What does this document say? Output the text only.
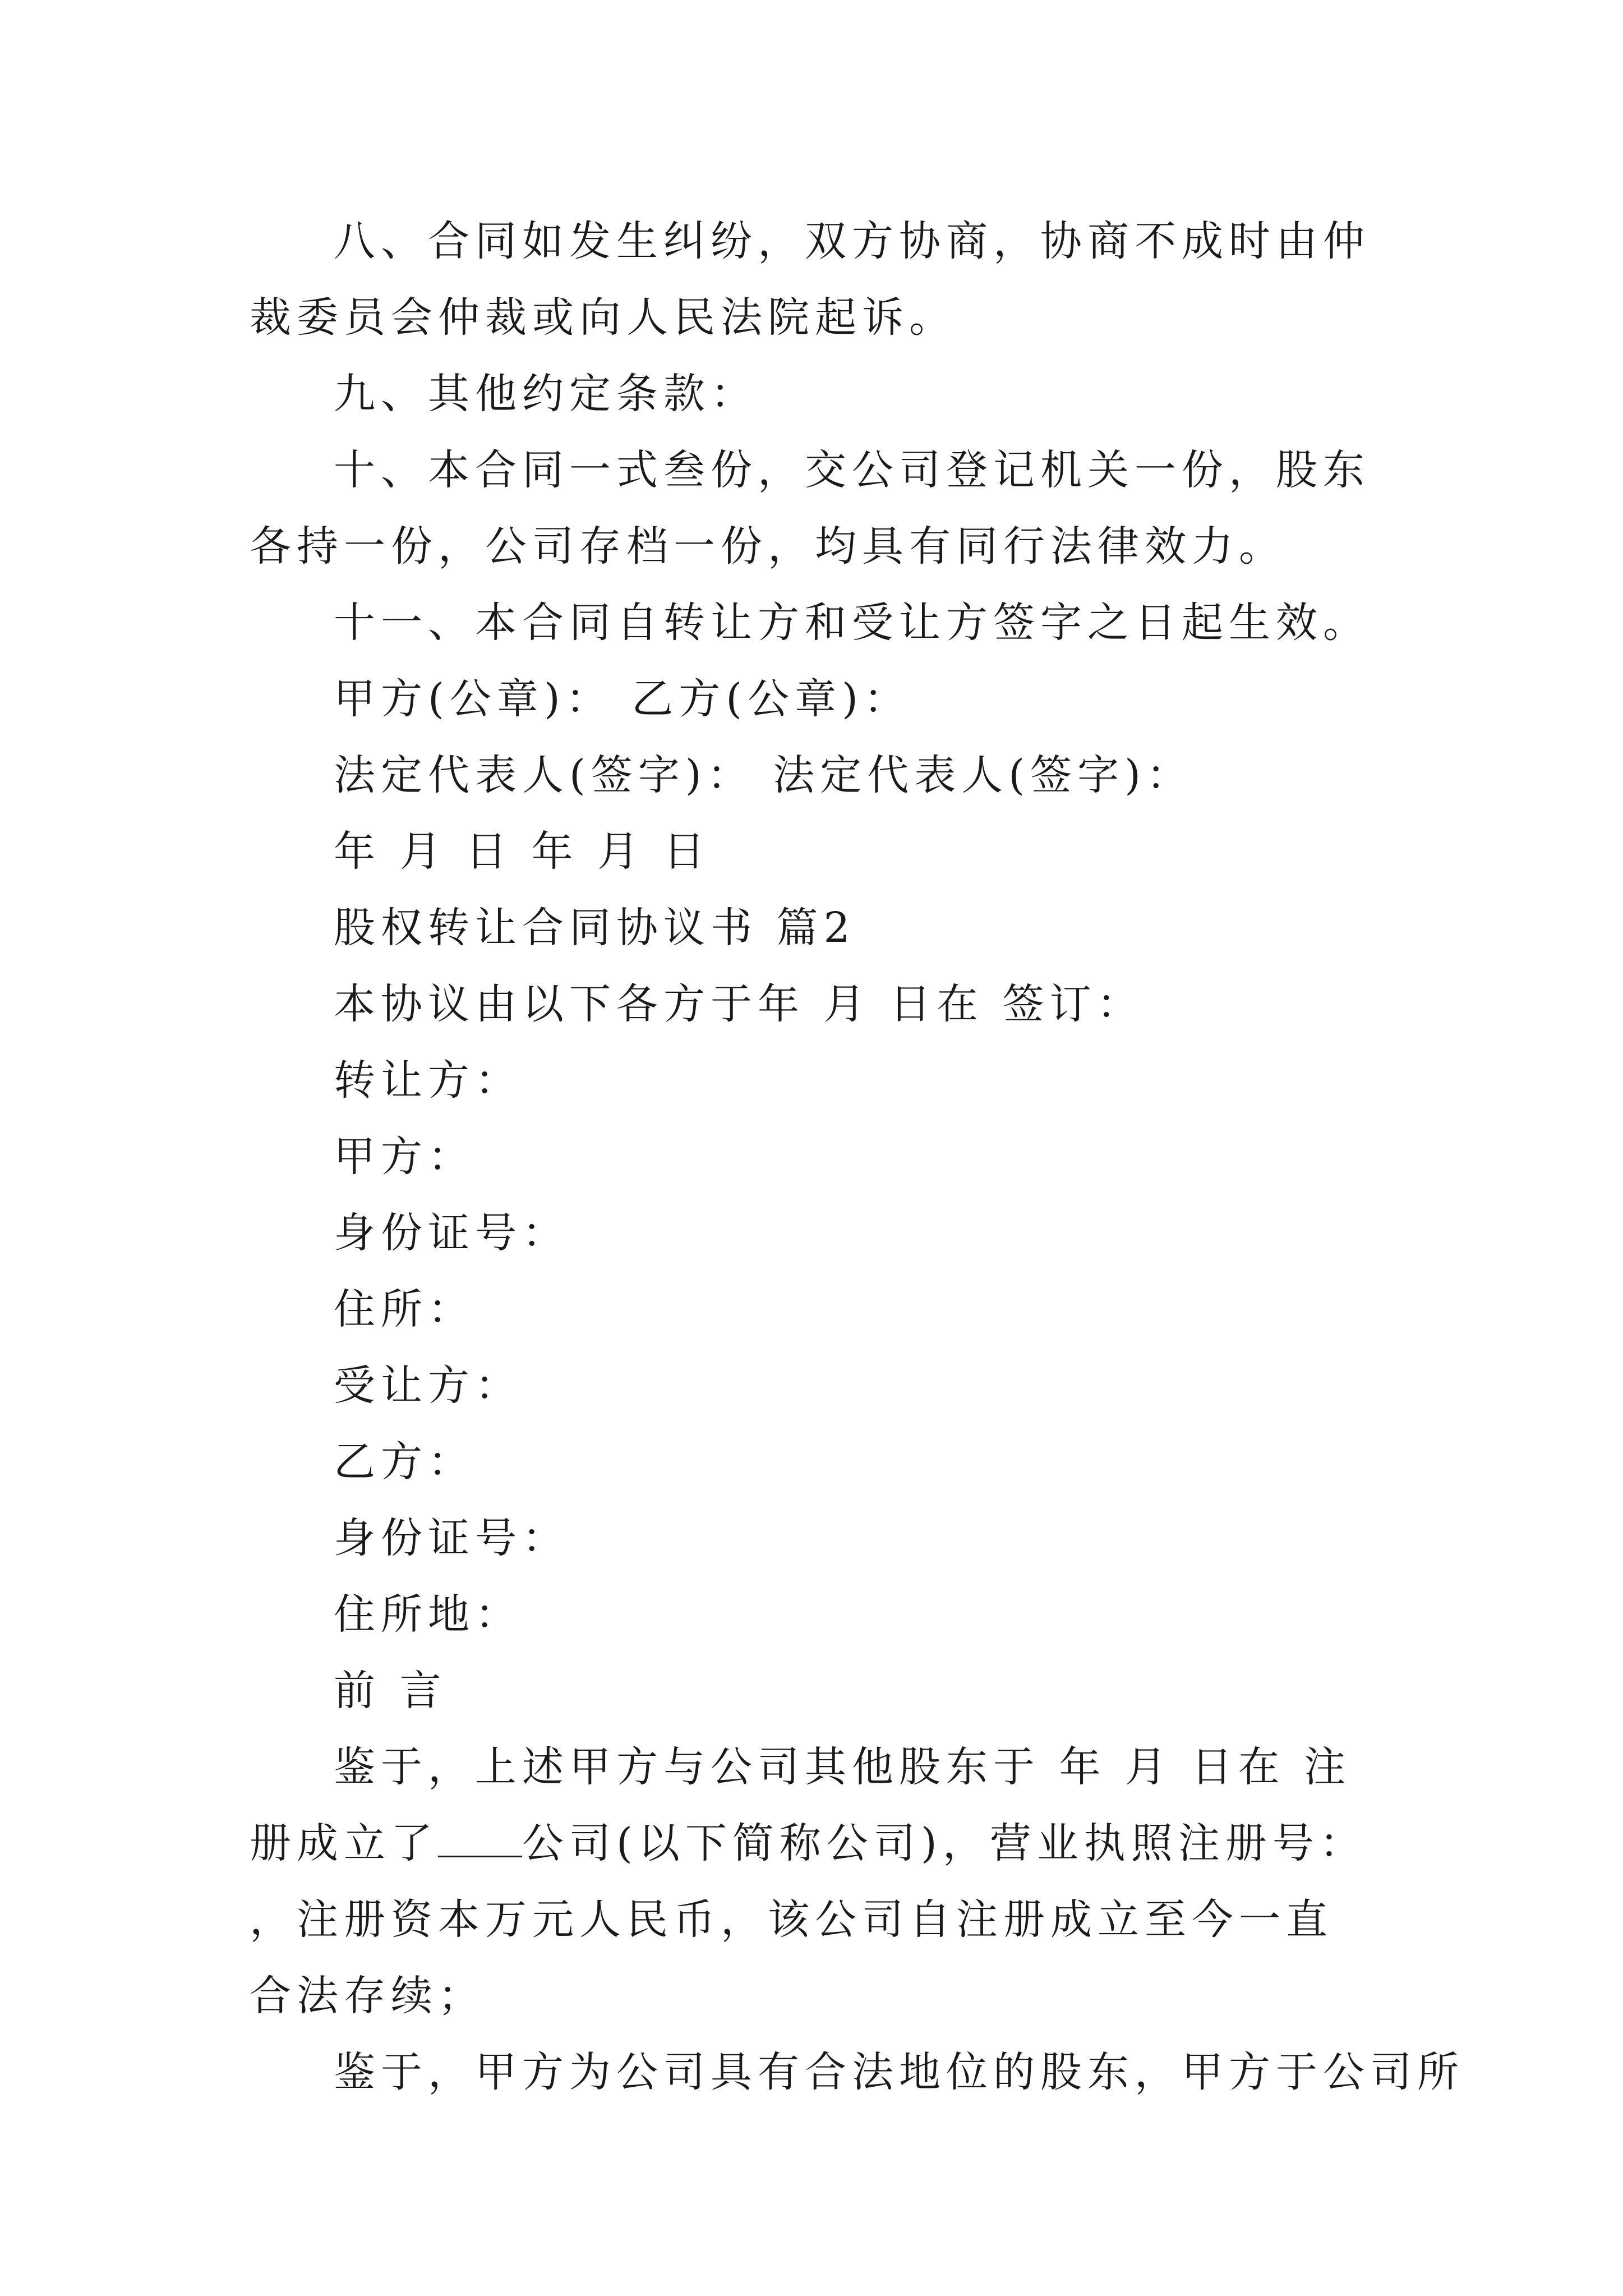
八、合同如发生纠纷，双方协商，协商不成时由仲裁委员会仲裁或向人民法院起诉。

九、其他约定条款：

十、本合同一式叁份，交公司登记机关一份，股东各持一份，公司存档一份，均具有同行法律效力。

十一、本合同自转让方和受让方签字之日起生效。

甲方(公章)： 乙方(公章)：

法定代表人(签字)： 法定代表人(签字)：

年 月 日 年 月 日

股权转让合同协议书 篇2

本协议由以下各方于年 月 日在 签订：

转让方：

甲方：

身份证号：

住所：

受让方：

乙方：

身份证号：

住所地：

前 言

鉴于，上述甲方与公司其他股东于 年 月 日在 注册成立了 公司(以下简称公司)，营业执照注册号： ，注册资本万元人民币，该公司自注册成立至今一直合法存续；

鉴于，甲方为公司具有合法地位的股东，甲方于公司所
